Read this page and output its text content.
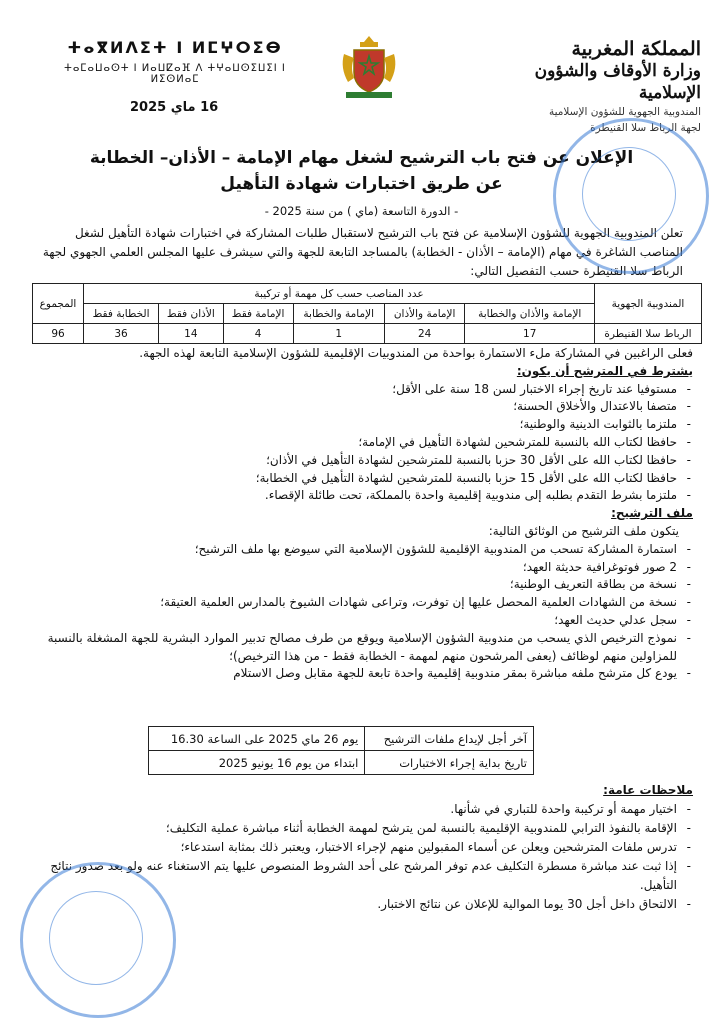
المملكة المغربية
وزارة الأوقاف والشؤون الإسلامية
المندوبية الجهوية للشؤون الإسلامية
لجهة الرباط سلا القنيطرة
ⵜⴰⴳⵍⴷⵉⵜ ⵏ ⵍⵎⵖⵔⵉⴱ
ⵜⴰⵎⴰⵡⴰⵙⵜ ⵏ ⵍⴰⵡⵇⴰⴼ ⴷ ⵜⵖⴰⵡⵙⵉⵡⵉⵏ ⵏ ⵍⵉⵙⵍⴰⵎ
16 ماي 2025
الإعلان عن فتح باب الترشيح لشغل مهام الإمامة – الأذان– الخطابة
عن طريق اختبارات شهادة التأهيل
- الدورة التاسعة (ماي ) من سنة 2025 -
تعلن المندوبية الجهوية للشؤون الإسلامية عن فتح باب الترشيح لاستقبال طلبات المشاركة في اختبارات شهادة التأهيل لشغل المناصب الشاغرة في مهام (الإمامة – الأذان - الخطابة) بالمساجد التابعة للجهة والتي سيشرف عليها المجلس العلمي الجهوي لجهة الرباط سلا القنيطرة حسب التفصيل التالي:
المندوبية الجهوية	عدد المناصب حسب كل مهمة أو تركيبة						المجموع
	الإمامة والأذان والخطابة	الإمامة والأذان	الإمامة والخطابة	الإمامة فقط	الأذان فقط	الخطابة فقط	
الرباط سلا القنيطرة	17	24	1	4	14	36	96

فعلى الراغبين في المشاركة ملء الاستمارة بواحدة من المندوبيات الإقليمية للشؤون الإسلامية التابعة لهذه الجهة.

يشترط في المترشح أن يكون:
- مستوفيا عند تاريخ إجراء الاختبار لسن 18 سنة على الأقل؛
- متصفا بالاعتدال والأخلاق الحسنة؛
- ملتزما بالثوابت الدينية والوطنية؛
- حافظا لكتاب الله بالنسبة للمترشحين لشهادة التأهيل في الإمامة؛
- حافظا لكتاب الله على الأقل 30 حزبا بالنسبة للمترشحين لشهادة التأهيل في الأذان؛
- حافظا لكتاب الله على الأقل 15 حزبا بالنسبة للمترشحين لشهادة التأهيل في الخطابة؛
- ملتزما بشرط التقدم بطلبه إلى مندوبية إقليمية واحدة بالمملكة، تحت طائلة الإقصاء.
ملف الترشيح:

يتكون ملف الترشيح من الوثائق التالية:

- استمارة المشاركة تسحب من المندوبية الإقليمية للشؤون الإسلامية التي سيوضع بها ملف الترشيح؛
- 2 صور فوتوغرافية حديثة العهد؛
- نسخة من بطاقة التعريف الوطنية؛
- نسخة من الشهادات العلمية المحصل عليها إن توفرت، وتراعى شهادات الشيوخ بالمدارس العلمية العتيقة؛
- سجل عدلي حديث العهد؛
- نموذج الترخيص الذي يسحب من مندوبية الشؤون الإسلامية ويوقع من طرف مصالح تدبير الموارد البشرية للجهة المشغلة بالنسبة للمزاولين منهم لوظائف (يعفى المرشحون منهم لمهمة - الخطابة فقط - من هذا الترخيص)؛
- يودع كل مترشح ملفه مباشرة بمقر مندوبية إقليمية واحدة تابعة للجهة مقابل وصل الاستلام
آخر أجل لإيداع ملفات الترشيح	يوم 26 ماي 2025 على الساعة 16.30
تاريخ بداية إجراء الاختبارات	ابتداء من يوم 16 يونيو 2025
ملاحظات عامة:
- اختيار مهمة أو تركيبة واحدة للتباري في شأنها.
- الإقامة بالنفوذ الترابي للمندوبية الإقليمية بالنسبة لمن يترشح لمهمة الخطابة أثناء مباشرة عملية التكليف؛
- تدرس ملفات المترشحين ويعلن عن أسماء المقبولين منهم لإجراء الاختبار، ويعتبر ذلك بمثابة استدعاء؛
- إذا ثبت عند مباشرة مسطرة التكليف عدم توفر المرشح على أحد الشروط المنصوص عليها يتم الاستغناء عنه ولو بعد صدور نتائج التأهيل.
- الالتحاق داخل أجل 30 يوما الموالية للإعلان عن نتائج الاختبار.
